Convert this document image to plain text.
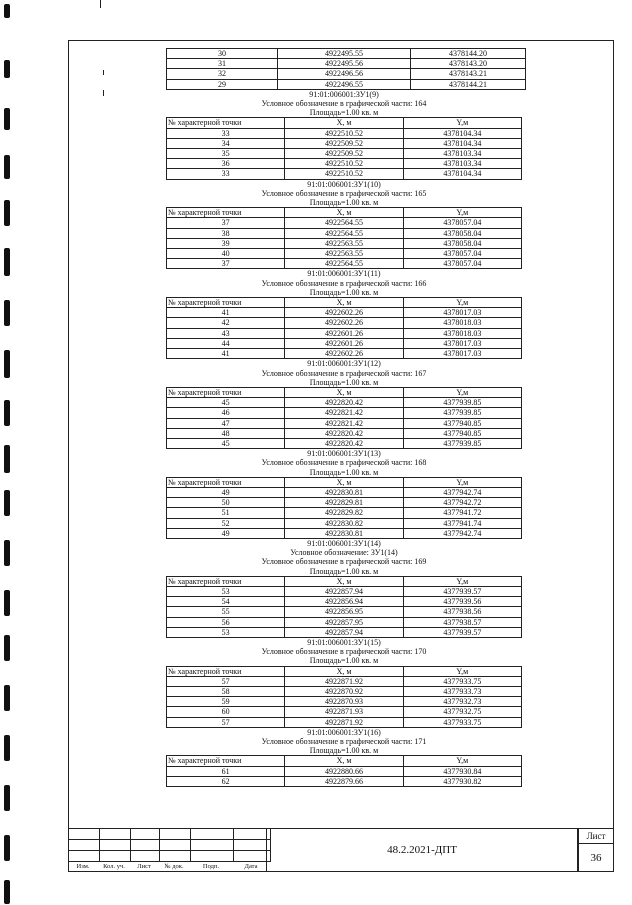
30	4922495.55	4378144.20
31	4922495.56	4378143.20
32	4922496.56	4378143.21
29	4922496.55	4378144.21
91:01:006001:ЗУ1(9)
Условное обозначение в графической части: 164
Площадь=1.00 кв. м
№ характерной точки	X, м	Y,м
33	4922510.52	4378104.34
34	4922509.52	4378104.34
35	4922509.52	4378103.34
36	4922510.52	4378103.34
33	4922510.52	4378104.34
91:01:006001:ЗУ1(10)
Условное обозначение в графической части: 165
Площадь=1.00 кв. м
№ характерной точки	X, м	Y,м
37	4922564.55	4378057.04
38	4922564.55	4378058.04
39	4922563.55	4378058.04
40	4922563.55	4378057.04
37	4922564.55	4378057.04
91:01:006001:ЗУ1(11)
Условное обозначение в графической части: 166
Площадь=1.00 кв. м
№ характерной точки	X, м	Y,м
41	4922602.26	4378017.03
42	4922602.26	4378018.03
43	4922601.26	4378018.03
44	4922601.26	4378017.03
41	4922602.26	4378017.03
91:01:006001:ЗУ1(12)
Условное обозначение в графической части: 167
Площадь=1.00 кв. м
№ характерной точки	X, м	Y,м
45	4922820.42	4377939.85
46	4922821.42	4377939.85
47	4922821.42	4377940.85
48	4922820.42	4377940.85
45	4922820.42	4377939.85
91:01:006001:ЗУ1(13)
Условное обозначение в графической части: 168
Площадь=1.00 кв. м
№ характерной точки	X, м	Y,м
49	4922830.81	4377942.74
50	4922829.81	4377942.72
51	4922829.82	4377941.72
52	4922830.82	4377941.74
49	4922830.81	4377942.74
91:01:006001:ЗУ1(14)
Условное обозначение: ЗУ1(14)
Условное обозначение в графической части: 169
Площадь=1.00 кв. м
№ характерной точки	X, м	Y,м
53	4922857.94	4377939.57
54	4922856.94	4377939.56
55	4922856.95	4377938.56
56	4922857.95	4377938.57
53	4922857.94	4377939.57
91:01:006001:ЗУ1(15)
Условное обозначение в графической части: 170
Площадь=1.00 кв. м
№ характерной точки	X, м	Y,м
57	4922871.92	4377933.75
58	4922870.92	4377933.73
59	4922870.93	4377932.73
60	4922871.93	4377932.75
57	4922871.92	4377933.75
91:01:006001:ЗУ1(16)
Условное обозначение в графической части: 171
Площадь=1.00 кв. м
№ характерной точки	X, м	Y,м
61	4922880.66	4377930.84
62	4922879.66	4377930.82

Изм.	Кол. уч.	Лист	№ док.	Подп.	Дата
48.2.2021-ДПТ
Лист
36
